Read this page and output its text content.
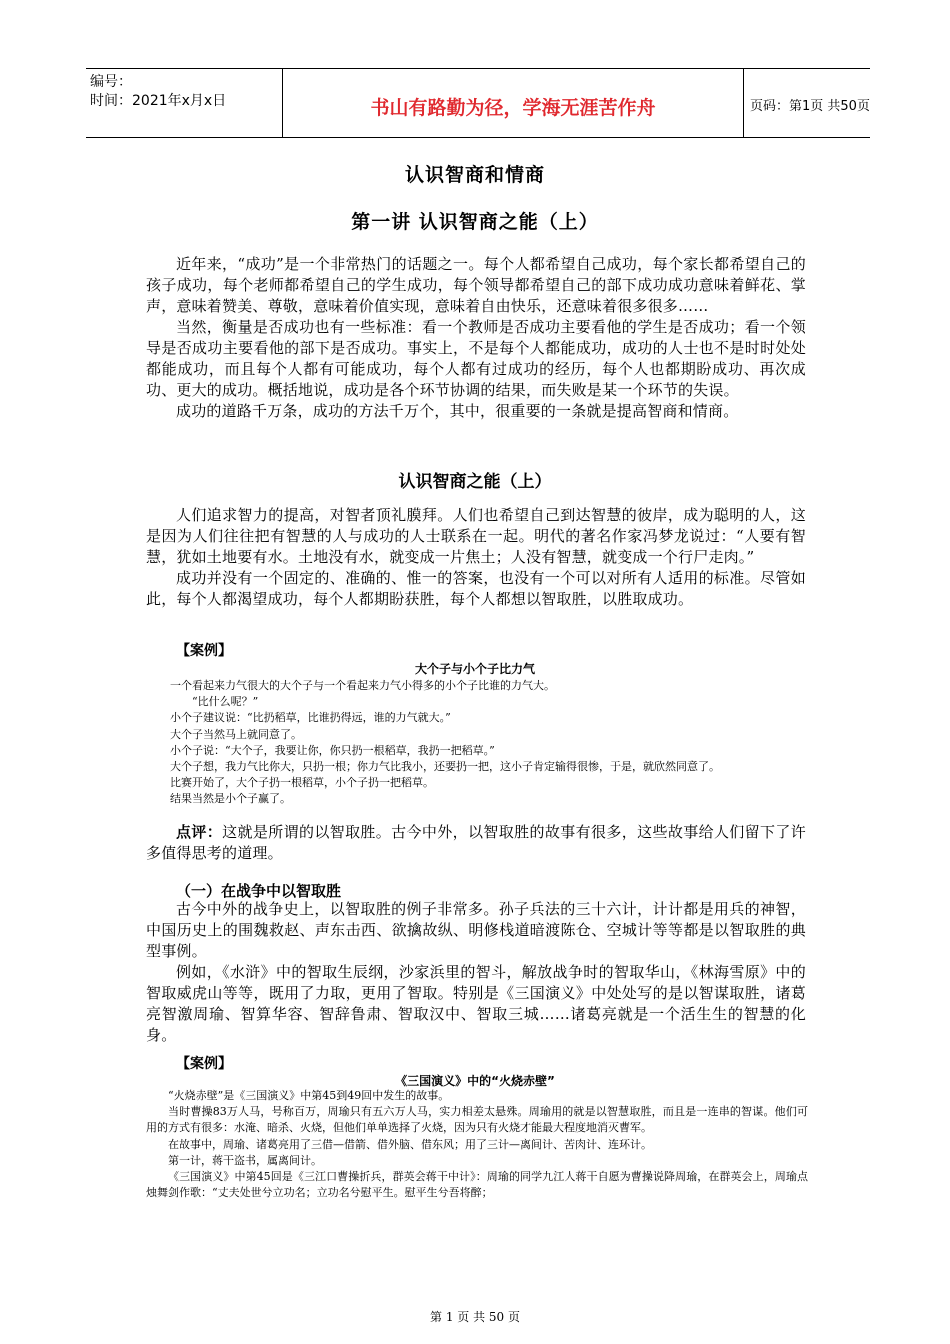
编号：
时间：2021年x月x日	书山有路勤为径，学海无涯苦作舟	页码：第1页 共50页
认识智商和情商
第一讲 认识智商之能（上）

近年来，“成功”是一个非常热门的话题之一。每个人都希望自己成功，每个家长都希望自己的孩子成功，每个老师都希望自己的学生成功，每个领导都希望自己的部下成功成功意味着鲜花、掌声，意味着赞美、尊敬，意味着价值实现，意味着自由快乐，还意味着很多很多……

当然，衡量是否成功也有一些标准：看一个教师是否成功主要看他的学生是否成功；看一个领导是否成功主要看他的部下是否成功。事实上，不是每个人都能成功，成功的人士也不是时时处处都能成功，而且每个人都有可能成功，每个人都有过成功的经历，每个人也都期盼成功、再次成功、更大的成功。概括地说，成功是各个环节协调的结果，而失败是某一个环节的失误。

成功的道路千万条，成功的方法千万个，其中，很重要的一条就是提高智商和情商。

认识智商之能（上）

人们追求智力的提高，对智者顶礼膜拜。人们也希望自己到达智慧的彼岸，成为聪明的人，这是因为人们往往把有智慧的人与成功的人士联系在一起。明代的著名作家冯梦龙说过：“人要有智慧，犹如土地要有水。土地没有水，就变成一片焦土；人没有智慧，就变成一个行尸走肉。”

成功并没有一个固定的、准确的、惟一的答案，也没有一个可以对所有人适用的标准。尽管如此，每个人都渴望成功，每个人都期盼获胜，每个人都想以智取胜，以胜取成功。

【案例】
大个子与小个子比力气

一个看起来力气很大的大个子与一个看起来力气小得多的小个子比谁的力气大。

“比什么呢？”

小个子建议说：“比扔稻草，比谁扔得远，谁的力气就大。”

大个子当然马上就同意了。

小个子说：“大个子，我要让你，你只扔一根稻草，我扔一把稻草。”

大个子想，我力气比你大，只扔一根；你力气比我小，还要扔一把，这小子肯定输得很惨，于是，就欣然同意了。

比赛开始了，大个子扔一根稻草，小个子扔一把稻草。

结果当然是小个子赢了。

点评：这就是所谓的以智取胜。古今中外，以智取胜的故事有很多，这些故事给人们留下了许多值得思考的道理。

（一）在战争中以智取胜

古今中外的战争史上，以智取胜的例子非常多。孙子兵法的三十六计，计计都是用兵的神智，中国历史上的围魏救赵、声东击西、欲擒故纵、明修栈道暗渡陈仓、空城计等等都是以智取胜的典型事例。

例如，《水浒》中的智取生辰纲，沙家浜里的智斗，解放战争时的智取华山，《林海雪原》中的智取威虎山等等，既用了力取，更用了智取。特别是《三国演义》中处处写的是以智谋取胜，诸葛亮智激周瑜、智算华容、智辞鲁肃、智取汉中、智取三城……诸葛亮就是一个活生生的智慧的化身。

【案例】
《三国演义》中的“火烧赤壁”

“火烧赤壁”是《三国演义》中第45到49回中发生的故事。

当时曹操83万人马，号称百万，周瑜只有五六万人马，实力相差太悬殊。周瑜用的就是以智慧取胜，而且是一连串的智谋。他们可用的方式有很多：水淹、暗杀、火烧，但他们单单选择了火烧，因为只有火烧才能最大程度地消灭曹军。

在故事中，周瑜、诸葛亮用了三借—借箭、借外脑、借东风；用了三计—离间计、苦肉计、连环计。

第一计，蒋干盗书，属离间计。

《三国演义》中第45回是《三江口曹操折兵，群英会蒋干中计》：周瑜的同学九江人蒋干自愿为曹操说降周瑜，在群英会上，周瑜点烛舞剑作歌：“丈夫处世兮立功名；立功名兮慰平生。慰平生兮吾将醉；

第 1 页 共 50 页
